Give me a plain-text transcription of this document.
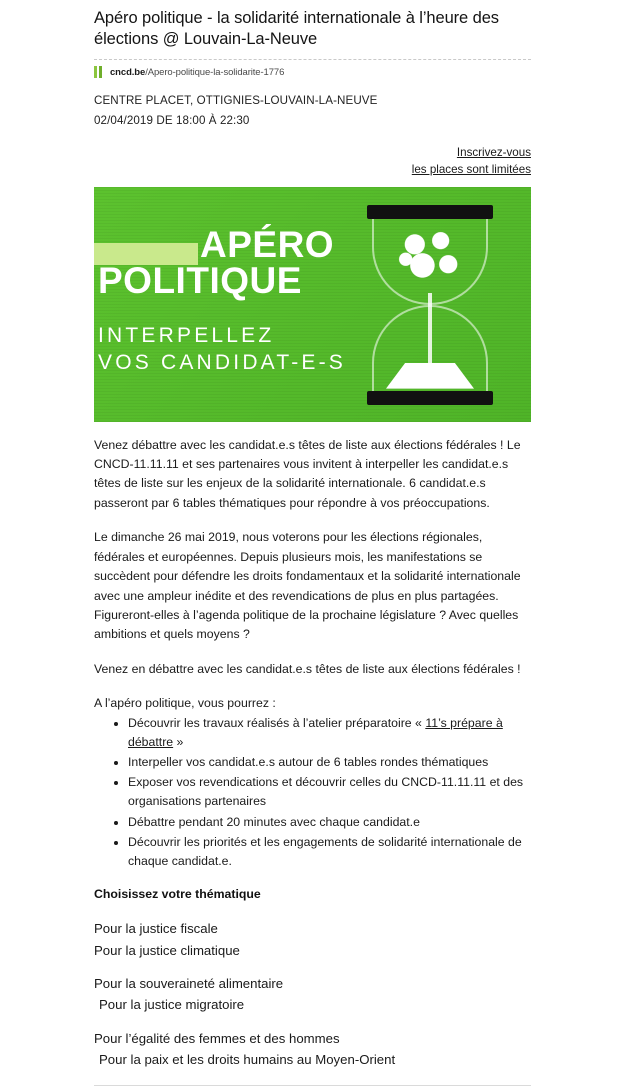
Apéro politique - la solidarité internationale à l’heure des élections @ Louvain-La-Neuve
cncd.be/Apero-politique-la-solidarite-1776

CENTRE PLACET, OTTIGNIES-LOUVAIN-LA-NEUVE

02/04/2019 DE 18:00 À 22:30

Inscrivez-vous
les places sont limitées
APÉRO
POLITIQUE
INTERPELLEZ
VOS CANDIDAT-E-S

Venez débattre avec les candidat.e.s têtes de liste aux élections fédérales ! Le CNCD-11.11.11 et ses partenaires vous invitent à interpeller les candidat.e.s têtes de liste sur les enjeux de la solidarité internationale. 6 candidat.e.s passeront par 6 tables thématiques pour répondre à vos préoccupations.

Le dimanche 26 mai 2019, nous voterons pour les élections régionales, fédérales et européennes. Depuis plusieurs mois, les manifestations se succèdent pour défendre les droits fondamentaux et la solidarité internationale avec une ampleur inédite et des revendications de plus en plus partagées. Figureront-elles à l’agenda politique de la prochaine législature ? Avec quelles ambitions et quels moyens ?

Venez en débattre avec les candidat.e.s têtes de liste aux élections fédérales !

A l’apéro politique, vous pourrez :

• Découvrir les travaux réalisés à l’atelier préparatoire « 11’s prépare à débattre »
• Interpeller vos candidat.e.s autour de 6 tables rondes thématiques
• Exposer vos revendications et découvrir celles du CNCD-11.11.11 et des organisations partenaires
• Débattre pendant 20 minutes avec chaque candidat.e
• Découvrir les priorités et les engagements de solidarité internationale de chaque candidat.e.
Choisissez votre thématique
Pour la justice fiscale
Pour la justice climatique
Pour la souveraineté alimentaire
Pour la justice migratoire
Pour l’égalité des femmes et des hommes
Pour la paix et les droits humains au Moyen-Orient
